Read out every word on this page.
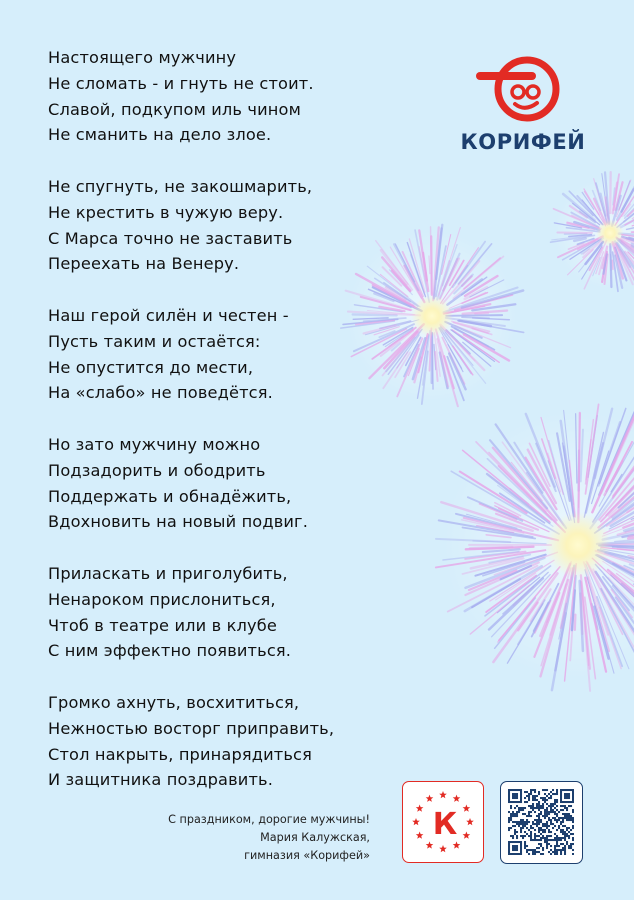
Настоящего мужчину
Не сломать - и гнуть не стоит.
Славой, подкупом иль чином
Не сманить на дело злое.
Не спугнуть, не закошмарить,
Не крестить в чужую веру.
С Марса точно не заставить
Переехать на Венеру.
Наш герой силён и честен -
Пусть таким и остаётся:
Не опустится до мести,
На «слабо» не поведётся.
Но зато мужчину можно
Подзадорить и ободрить
Поддержать и обнадёжить,
Вдохновить на новый подвиг.
Приласкать и приголубить,
Ненароком прислониться,
Чтоб в театре или в клубе
С ним эффектно появиться.
Громко ахнуть, восхититься,
Нежностью восторг приправить,
Стол накрыть, принарядиться
И защитника поздравить.
КОРИФЕЙ
С праздником, дорогие мужчины!
Мария Калужская,
гимназия «Корифей»
К
